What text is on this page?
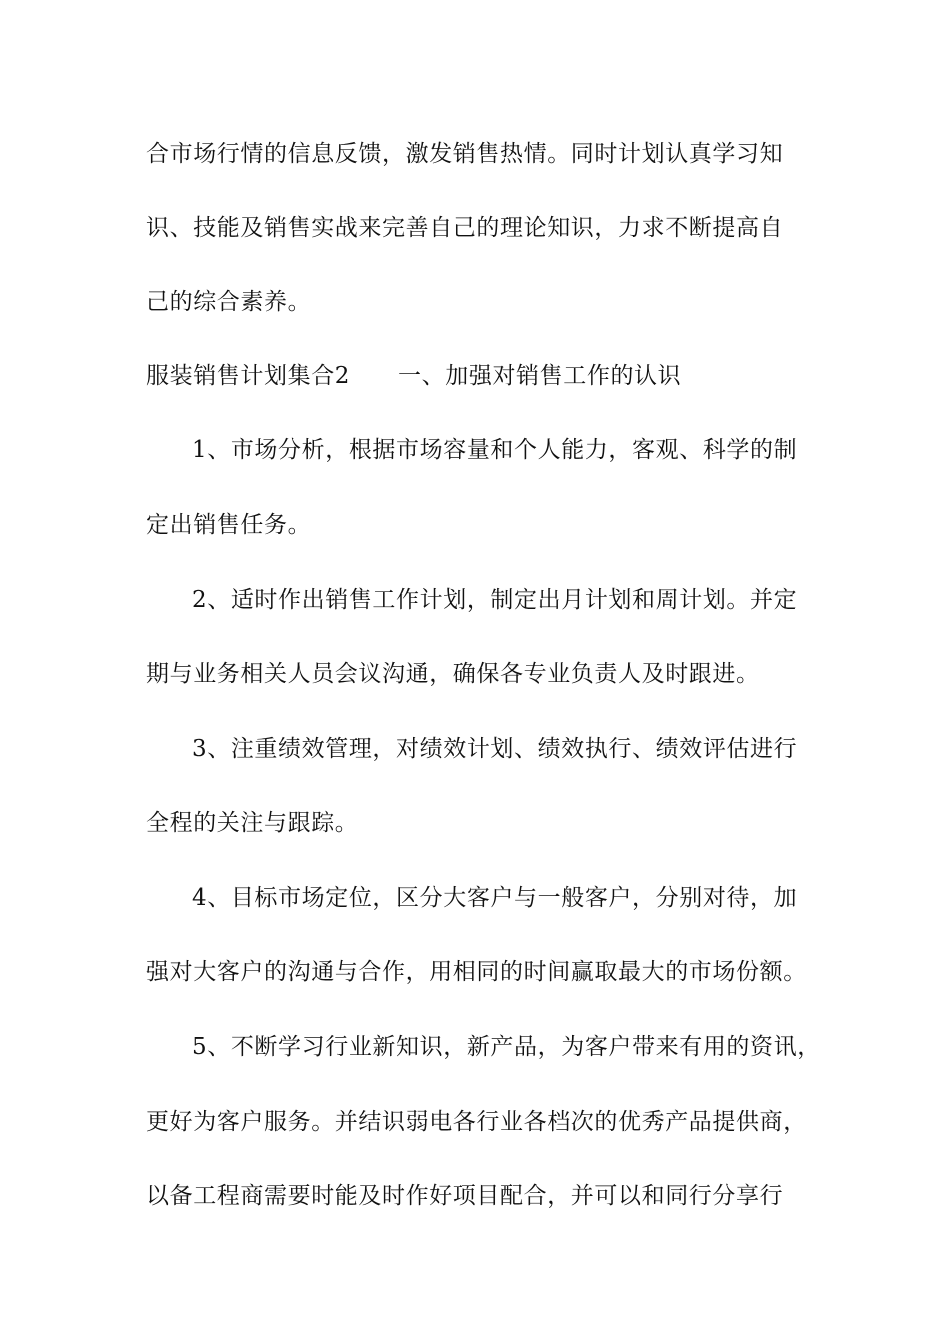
合市场行情的信息反馈，激发销售热情。同时计划认真学习知
识、技能及销售实战来完善自己的理论知识，力求不断提高自
己的综合素养。
服装销售计划集合2 一、加强对销售工作的认识
1、市场分析，根据市场容量和个人能力，客观、科学的制
定出销售任务。
2、适时作出销售工作计划，制定出月计划和周计划。并定
期与业务相关人员会议沟通，确保各专业负责人及时跟进。
3、注重绩效管理，对绩效计划、绩效执行、绩效评估进行
全程的关注与跟踪。
4、目标市场定位，区分大客户与一般客户，分别对待，加
强对大客户的沟通与合作，用相同的时间赢取最大的市场份额。
5、不断学习行业新知识，新产品，为客户带来有用的资讯，
更好为客户服务。并结识弱电各行业各档次的优秀产品提供商，
以备工程商需要时能及时作好项目配合，并可以和同行分享行
